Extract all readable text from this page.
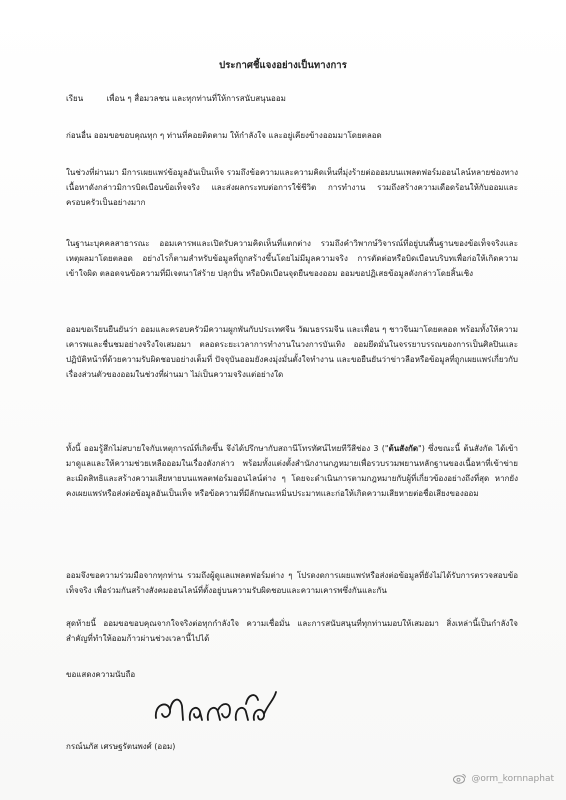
ประกาศชี้แจงอย่างเป็นทางการ
เรียน	เพื่อน ๆ สื่อมวลชน และทุกท่านที่ให้การสนับสนุนออม

ก่อนอื่น ออมขอขอบคุณทุก ๆ ท่านที่คอยติดตาม ให้กำลังใจ และอยู่เคียงข้างออมมาโดยตลอด

ในช่วงที่ผ่านมา มีการเผยแพร่ข้อมูลอันเป็นเท็จ รวมถึงข้อความและความคิดเห็นที่มุ่งร้ายต่อออมบนแพลตฟอร์มออนไลน์หลายช่องทาง เนื้อหาดังกล่าวมิการบิดเบือนข้อเท็จจริง และส่งผลกระทบต่อการใช้ชีวิต การทำงาน รวมถึงสร้างความเดือดร้อนให้กับออมและครอบครัวเป็นอย่างมาก

ในฐานะบุคคลสาธารณะ ออมเคารพและเปิดรับความคิดเห็นที่แตกต่าง รวมถึงคำวิพากษ์วิจารณ์ที่อยู่บนพื้นฐานของข้อเท็จจริงและเหตุผลมาโดยตลอด อย่างไรก็ตามสำหรับข้อมูลที่ถูกสร้างขึ้นโดยไม่มีมูลความจริง การตัดต่อหรือบิดเบือนบริบทเพื่อก่อให้เกิดความเข้าใจผิด ตลอดจนข้อความที่มีเจตนาใส่ร้าย ปลุกปั่น หรือบิดเบือนจุดยืนของออม ออมขอปฏิเสธข้อมูลดังกล่าวโดยสิ้นเชิง

ออมขอเรียนยืนยันว่า ออมและครอบครัวมีความผูกพันกับประเทศจีน วัฒนธรรมจีน และเพื่อน ๆ ชาวจีนมาโดยตลอด พร้อมทั้งให้ความเคารพและชื่นชมอย่างจริงใจเสมอมา ตลอดระยะเวลาการทำงานในวงการบันเทิง ออมยึดมั่นในจรรยาบรรณของการเป็นศิลปินและปฏิบัติหน้าที่ด้วยความรับผิดชอบอย่างเต็มที่ ปัจจุบันออมยังคงมุ่งมั่นตั้งใจทำงาน และขอยืนยันว่าข่าวลือหรือข้อมูลที่ถูกเผยแพร่เกี่ยวกับเรื่องส่วนตัวของออมในช่วงที่ผ่านมา ไม่เป็นความจริงแต่อย่างใด

ทั้งนี้ ออมรู้สึกไม่สบายใจกับเหตุการณ์ที่เกิดขึ้น จึงได้ปรึกษากับสถานีโทรทัศน์ไทยทีวีสีช่อง 3 ("ต้นสังกัด") ซึ่งขณะนี้ ต้นสังกัด ได้เข้ามาดูแลและให้ความช่วยเหลือออมในเรื่องดังกล่าว พร้อมทั้งแต่งตั้งสำนักงานกฎหมายเพื่อรวบรวมพยานหลักฐานของเนื้อหาที่เข้าข่ายละเมิดสิทธิและสร้างความเสียหายบนแพลตฟอร์มออนไลน์ต่าง ๆ โดยจะดำเนินการตามกฎหมายกับผู้ที่เกี่ยวข้องอย่างถึงที่สุด หากยังคงเผยแพร่หรือส่งต่อข้อมูลอันเป็นเท็จ หรือข้อความที่มีลักษณะหมิ่นประมาทและก่อให้เกิดความเสียหายต่อชื่อเสียงของออม

ออมจึงขอความร่วมมือจากทุกท่าน รวมถึงผู้ดูแลแพลตฟอร์มต่าง ๆ โปรดงดการเผยแพร่หรือส่งต่อข้อมูลที่ยังไม่ได้รับการตรวจสอบข้อเท็จจริง เพื่อร่วมกันสร้างสังคมออนไลน์ที่ตั้งอยู่บนความรับผิดชอบและความเคารพซึ่งกันและกัน

สุดท้ายนี้ ออมขอขอบคุณจากใจจริงต่อทุกกำลังใจ ความเชื่อมั่น และการสนับสนุนที่ทุกท่านมอบให้เสมอมา สิ่งเหล่านี้เป็นกำลังใจสำคัญที่ทำให้ออมก้าวผ่านช่วงเวลานี้ไปได้

ขอแสดงความนับถือ
กรณ์นภัส เศรษฐรัตนพงศ์ (ออม)
@orm_kornnaphat
